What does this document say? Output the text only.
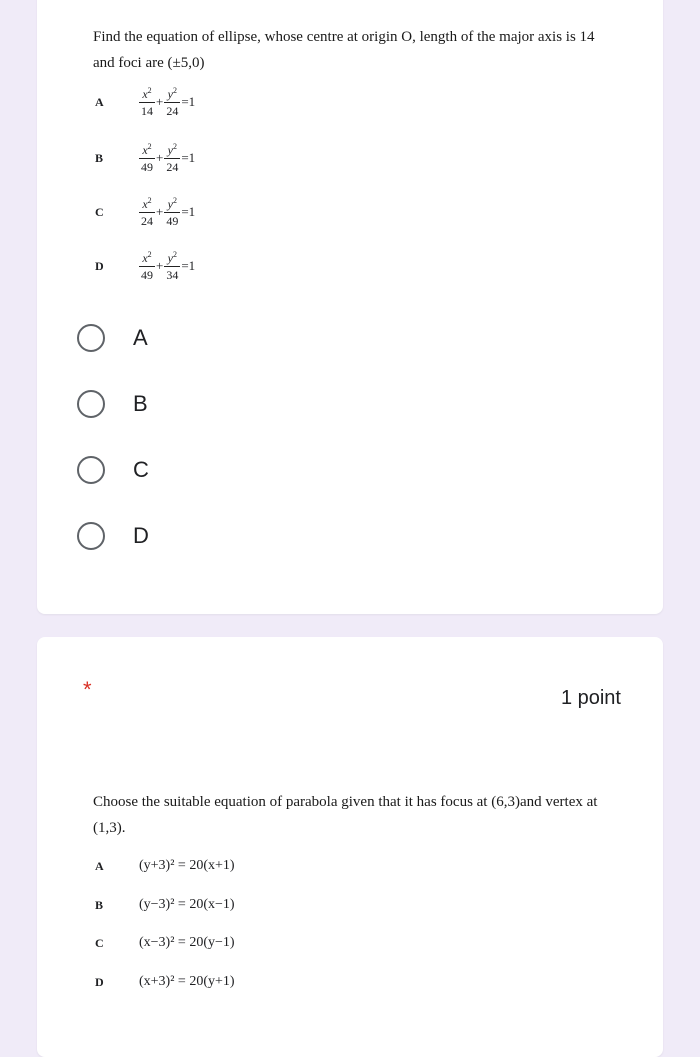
Find the equation of ellipse, whose centre at origin O, length of the major axis is 14
and foci are (±5,0)
A	$\frac{x^2}{14} + \frac{y^2}{24} =1$
B	$\frac{x^2}{49} + \frac{y^2}{24} =1$
C	$\frac{x^2}{24} + \frac{y^2}{49} =1$
D	$\frac{x^2}{49} + \frac{y^2}{34} =1$
A
B
C
D
*	1 point
Choose the suitable equation of parabola given that it has focus at (6,3)and vertex at
(1,3).
A	(y+3)² = 20(x+1)
B	(y−3)² = 20(x−1)
C	(x−3)² = 20(y−1)
D	(x+3)² = 20(y+1)
